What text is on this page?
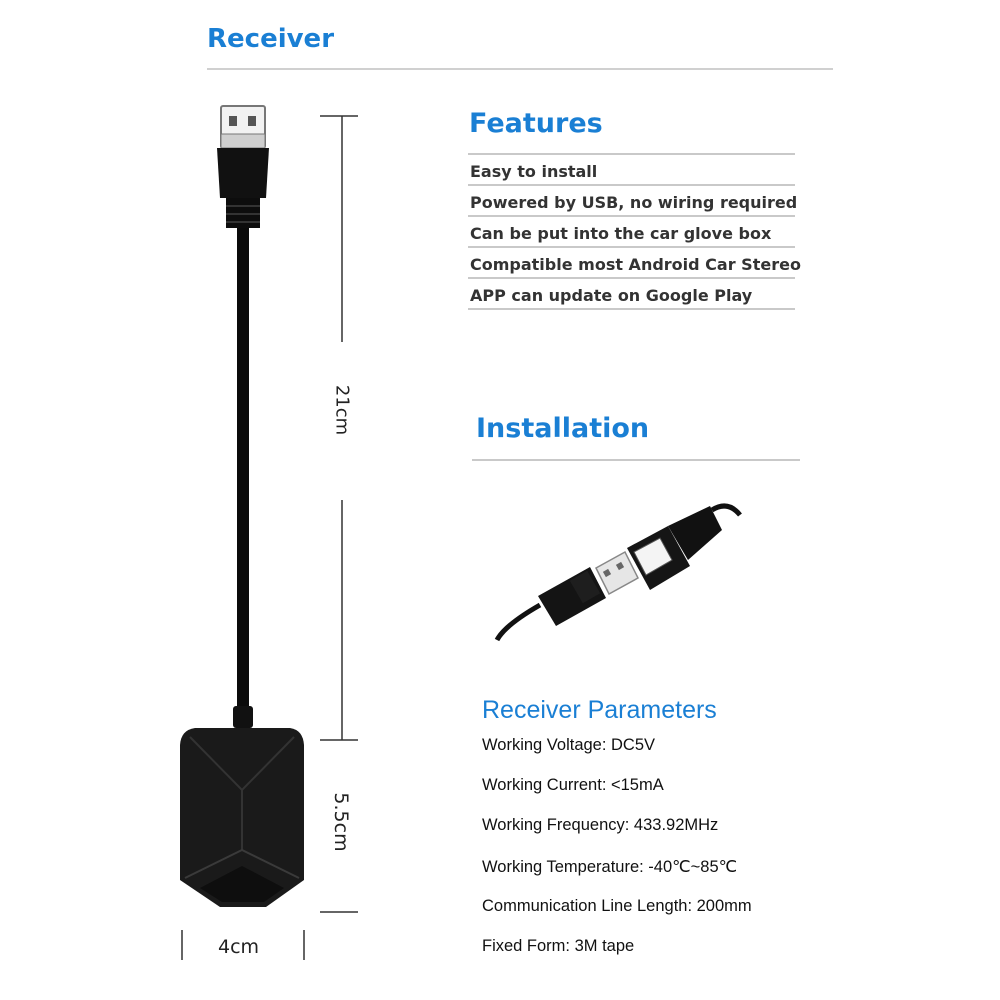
Receiver
21cm
5.5cm
4cm
Features
Easy to install
Powered by USB, no wiring required
Can be put into the car glove box
Compatible most Android Car Stereo
APP can update on Google Play
Installation
Receiver Parameters
Working Voltage: DC5V
Working Current: <15mA
Working Frequency: 433.92MHz
Working Temperature: -40℃~85℃
Communication Line Length: 200mm
Fixed Form: 3M tape
